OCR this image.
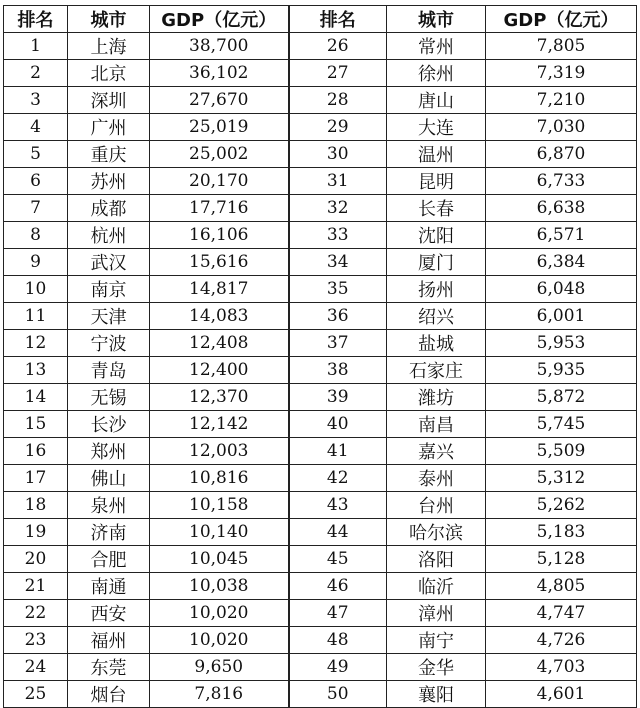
排名	城市	GDP（亿元）	排名	城市	GDP（亿元）
1	上海	38,700	26	常州	7,805
2	北京	36,102	27	徐州	7,319
3	深圳	27,670	28	唐山	7,210
4	广州	25,019	29	大连	7,030
5	重庆	25,002	30	温州	6,870
6	苏州	20,170	31	昆明	6,733
7	成都	17,716	32	长春	6,638
8	杭州	16,106	33	沈阳	6,571
9	武汉	15,616	34	厦门	6,384
10	南京	14,817	35	扬州	6,048
11	天津	14,083	36	绍兴	6,001
12	宁波	12,408	37	盐城	5,953
13	青岛	12,400	38	石家庄	5,935
14	无锡	12,370	39	潍坊	5,872
15	长沙	12,142	40	南昌	5,745
16	郑州	12,003	41	嘉兴	5,509
17	佛山	10,816	42	泰州	5,312
18	泉州	10,158	43	台州	5,262
19	济南	10,140	44	哈尔滨	5,183
20	合肥	10,045	45	洛阳	5,128
21	南通	10,038	46	临沂	4,805
22	西安	10,020	47	漳州	4,747
23	福州	10,020	48	南宁	4,726
24	东莞	9,650	49	金华	4,703
25	烟台	7,816	50	襄阳	4,601
